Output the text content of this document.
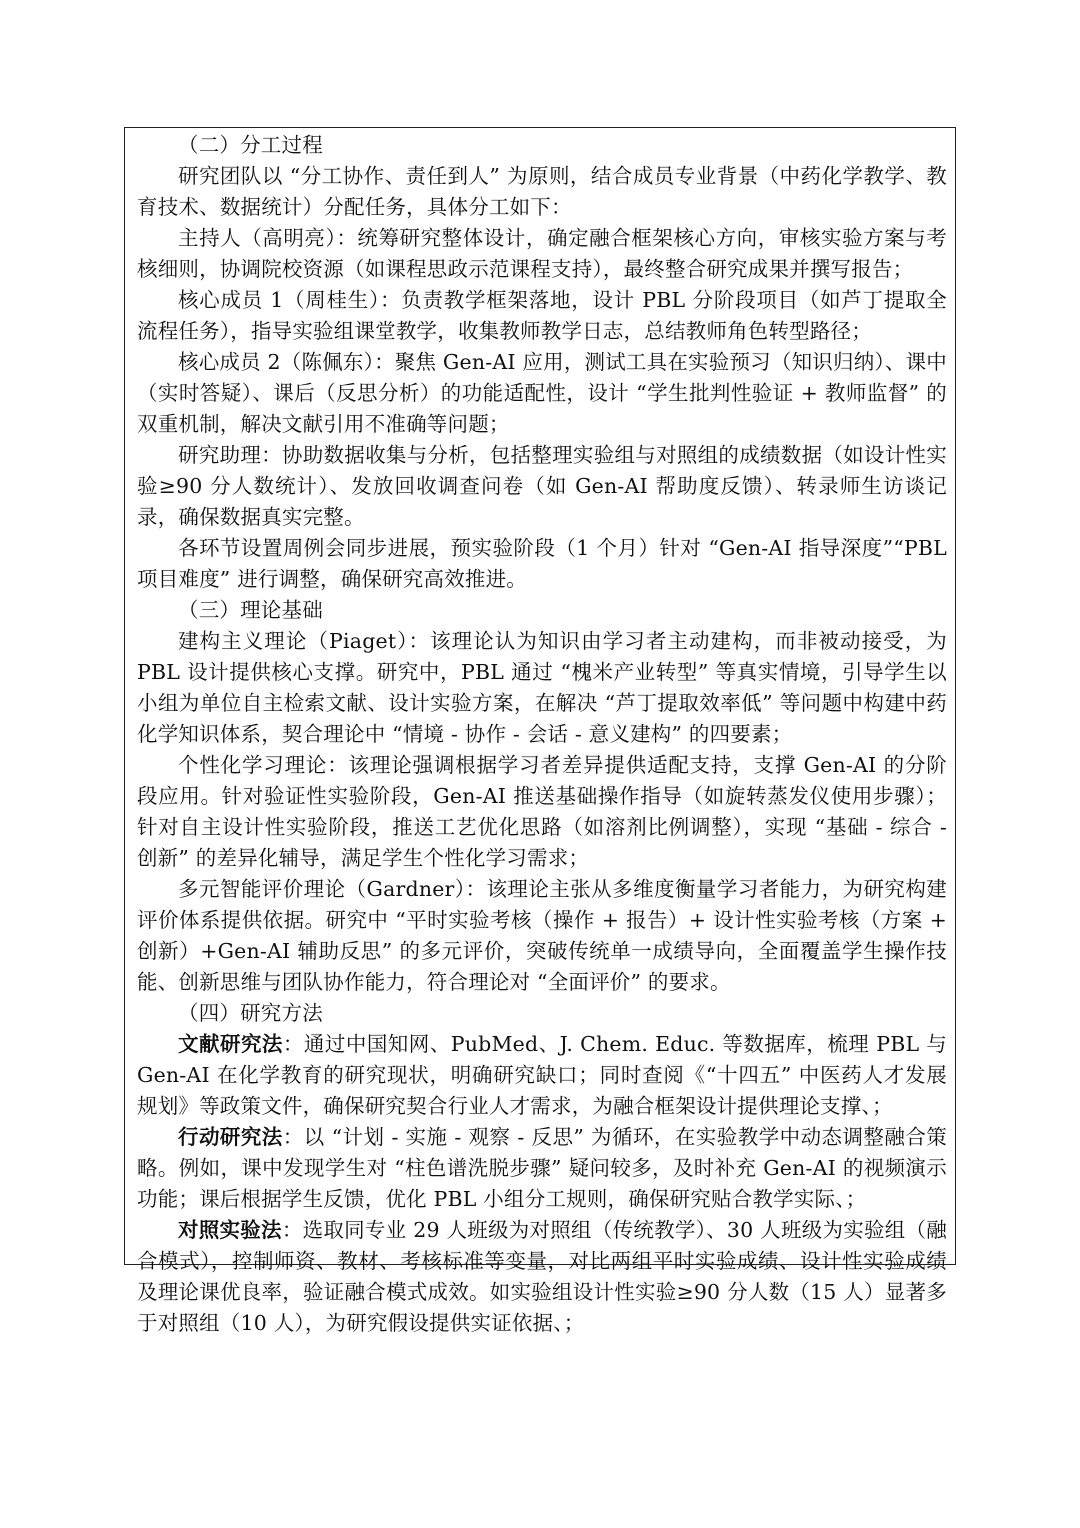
（二）分工过程

研究团队以 “分工协作、责任到人” 为原则，结合成员专业背景（中药化学教学、教育技术、数据统计）分配任务，具体分工如下：

主持人（高明亮）：统筹研究整体设计，确定融合框架核心方向，审核实验方案与考核细则，协调院校资源（如课程思政示范课程支持），最终整合研究成果并撰写报告；

核心成员 1（周桂生）：负责教学框架落地，设计 PBL 分阶段项目（如芦丁提取全流程任务），指导实验组课堂教学，收集教师教学日志，总结教师角色转型路径；

核心成员 2（陈佩东）：聚焦 Gen-AI 应用，测试工具在实验预习（知识归纳）、课中（实时答疑）、课后（反思分析）的功能适配性，设计 “学生批判性验证 + 教师监督” 的双重机制，解决文献引用不准确等问题；

研究助理：协助数据收集与分析，包括整理实验组与对照组的成绩数据（如设计性实验≥90 分人数统计）、发放回收调查问卷（如 Gen-AI 帮助度反馈）、转录师生访谈记录，确保数据真实完整。

各环节设置周例会同步进展，预实验阶段（1 个月）针对 “Gen-AI 指导深度”“PBL 项目难度” 进行调整，确保研究高效推进。

（三）理论基础

建构主义理论（Piaget）：该理论认为知识由学习者主动建构，而非被动接受，为 PBL 设计提供核心支撑。研究中，PBL 通过 “槐米产业转型” 等真实情境，引导学生以小组为单位自主检索文献、设计实验方案，在解决 “芦丁提取效率低” 等问题中构建中药化学知识体系，契合理论中 “情境 - 协作 - 会话 - 意义建构” 的四要素；

个性化学习理论：该理论强调根据学习者差异提供适配支持，支撑 Gen-AI 的分阶段应用。针对验证性实验阶段，Gen-AI 推送基础操作指导（如旋转蒸发仪使用步骤）；针对自主设计性实验阶段，推送工艺优化思路（如溶剂比例调整），实现 “基础 - 综合 - 创新” 的差异化辅导，满足学生个性化学习需求；

多元智能评价理论（Gardner）：该理论主张从多维度衡量学习者能力，为研究构建评价体系提供依据。研究中 “平时实验考核（操作 + 报告）+ 设计性实验考核（方案 + 创新）+Gen-AI 辅助反思” 的多元评价，突破传统单一成绩导向，全面覆盖学生操作技能、创新思维与团队协作能力，符合理论对 “全面评价” 的要求。

（四）研究方法

文献研究法：通过中国知网、PubMed、J. Chem. Educ. 等数据库，梳理 PBL 与 Gen-AI 在化学教育的研究现状，明确研究缺口；同时查阅《“十四五” 中医药人才发展规划》等政策文件，确保研究契合行业人才需求，为融合框架设计提供理论支撑、；

行动研究法：以 “计划 - 实施 - 观察 - 反思” 为循环，在实验教学中动态调整融合策略。例如，课中发现学生对 “柱色谱洗脱步骤” 疑问较多，及时补充 Gen-AI 的视频演示功能；课后根据学生反馈，优化 PBL 小组分工规则，确保研究贴合教学实际、；

对照实验法：选取同专业 29 人班级为对照组（传统教学）、30 人班级为实验组（融合模式），控制师资、教材、考核标准等变量，对比两组平时实验成绩、设计性实验成绩及理论课优良率，验证融合模式成效。如实验组设计性实验≥90 分人数（15 人）显著多于对照组（10 人），为研究假设提供实证依据、；
